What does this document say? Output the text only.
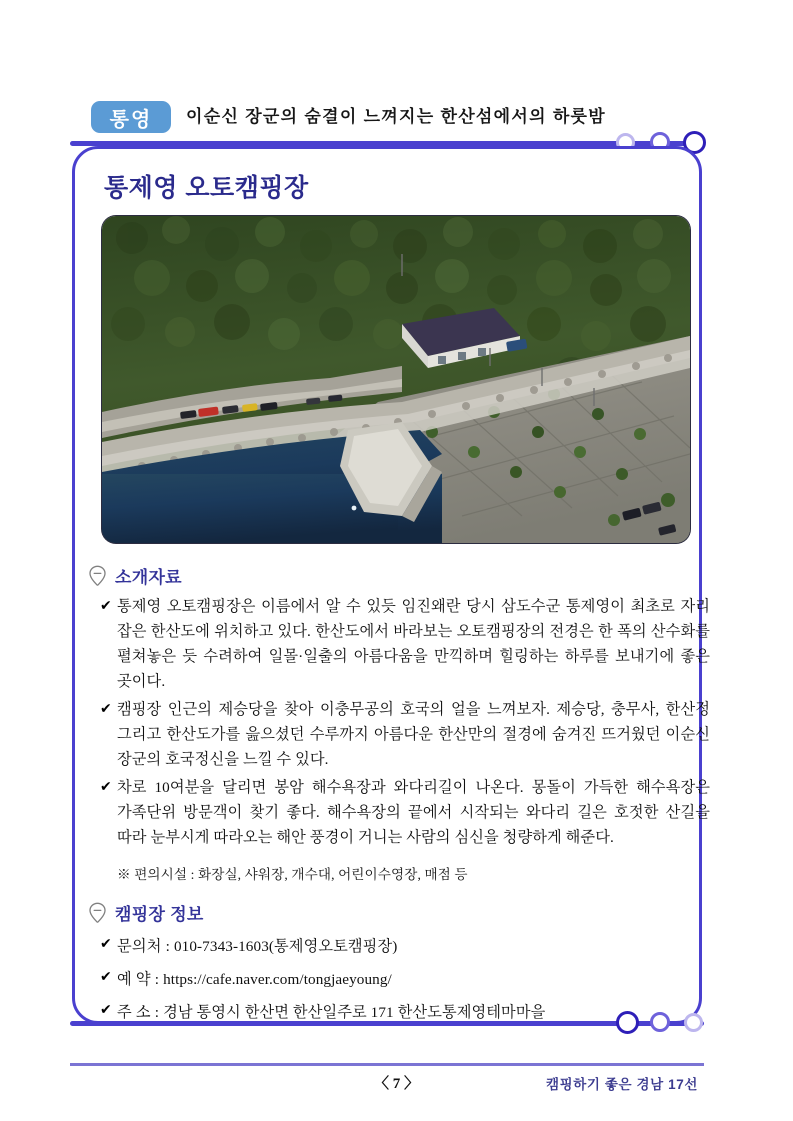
통영	이순신 장군의 숨결이 느껴지는 한산섬에서의 하룻밤
통제영 오토캠핑장
소개자료
✔ 통제영 오토캠핑장은 이름에서 알 수 있듯 임진왜란 당시 삼도수군 통제영이 최초로 자리 잡은 한산도에 위치하고 있다. 한산도에서 바라보는 오토캠핑장의 전경은 한 폭의 산수화를 펼쳐놓은 듯 수려하여 일몰·일출의 아름다움을 만끽하며 힐링하는 하루를 보내기에 좋은 곳이다.
✔ 캠핑장 인근의 제승당을 찾아 이충무공의 호국의 얼을 느껴보자. 제승당, 충무사, 한산정 그리고 한산도가를 읊으셨던 수루까지 아름다운 한산만의 절경에 숨겨진 뜨거웠던 이순신 장군의 호국정신을 느낄 수 있다.
✔ 차로 10여분을 달리면 봉암 해수욕장과 와다리길이 나온다. 몽돌이 가득한 해수욕장은 가족단위 방문객이 찾기 좋다. 해수욕장의 끝에서 시작되는 와다리 길은 호젓한 산길을 따라 눈부시게 따라오는 해안 풍경이 거니는 사람의 심신을 청량하게 해준다.
※ 편의시설 : 화장실, 샤워장, 개수대, 어린이수영장, 매점 등
캠핑장 정보
✔ 문의처 : 010-7343-1603(통제영오토캠핑장)
✔ 예 약 : https://cafe.naver.com/tongjaeyoung/
✔ 주 소 : 경남 통영시 한산면 한산일주로 171 한산도통제영테마마을
〈 7 〉	캠핑하기 좋은 경남 17선
